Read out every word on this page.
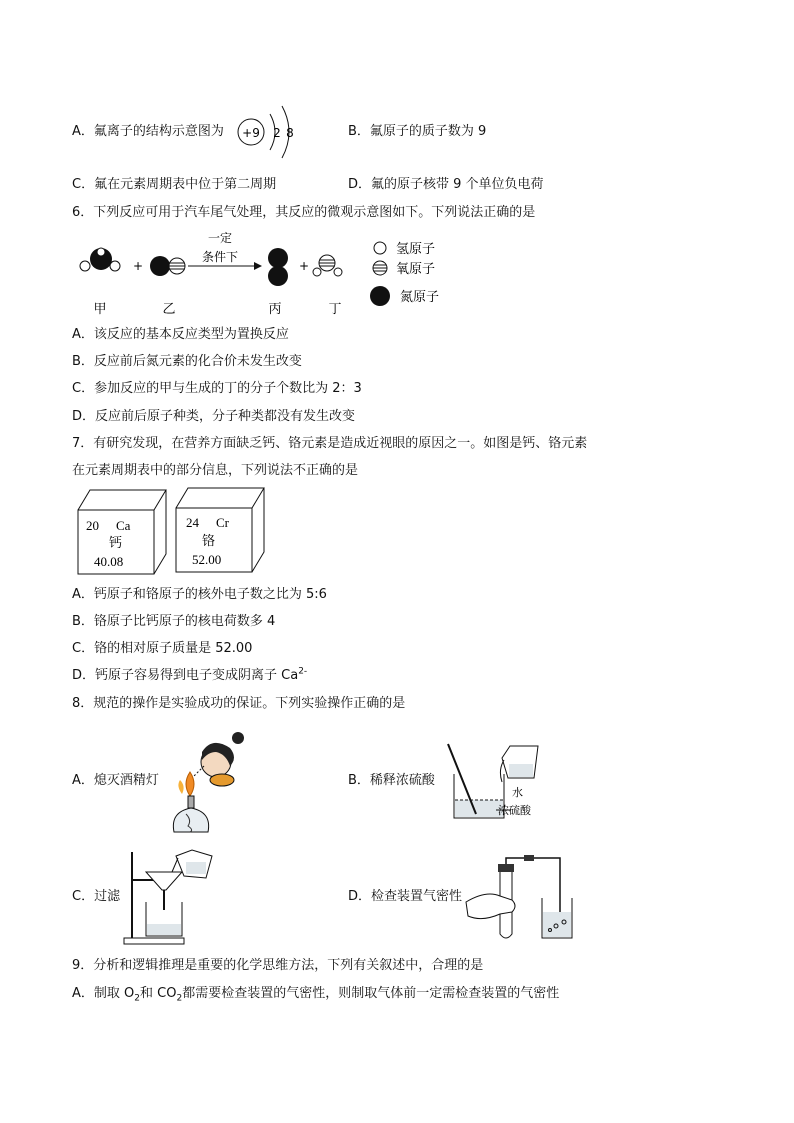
A．氟离子的结构示意图为 +9 2 8	B．氟原子的质子数为 9
C．氟在元素周期表中位于第二周期	D．氟的原子核带 9 个单位负电荷
6．下列反应可用于汽车尾气处理，其反应的微观示意图如下。下列说法正确的是
+
一定
条件下
+
甲	乙	丙	丁
氢原子
氧原子
氮原子
A．该反应的基本反应类型为置换反应
B．反应前后氮元素的化合价未发生改变
C．参加反应的甲与生成的丁的分子个数比为 2：3
D．反应前后原子种类，分子种类都没有发生改变
7．有研究发现，在营养方面缺乏钙、铬元素是造成近视眼的原因之一。如图是钙、铬元素
在元素周期表中的部分信息，下列说法不正确的是
20 Ca
钙
40.08
24 Cr
铬
52.00
A．钙原子和铬原子的核外电子数之比为 5:6
B．铬原子比钙原子的核电荷数多 4
C．铬的相对原子质量是 52.00
D．钙原子容易得到电子变成阴离子 $Ca^{2-}$
8．规范的操作是实验成功的保证。下列实验操作正确的是
A．熄灭酒精灯	B．稀释浓硫酸
水
浓硫酸
C．过滤	D．检查装置气密性
9．分析和逻辑推理是重要的化学思维方法，下列有关叙述中，合理的是
A．制取 $O_2$和 $CO_2$都需要检查装置的气密性，则制取气体前一定需检查装置的气密性
